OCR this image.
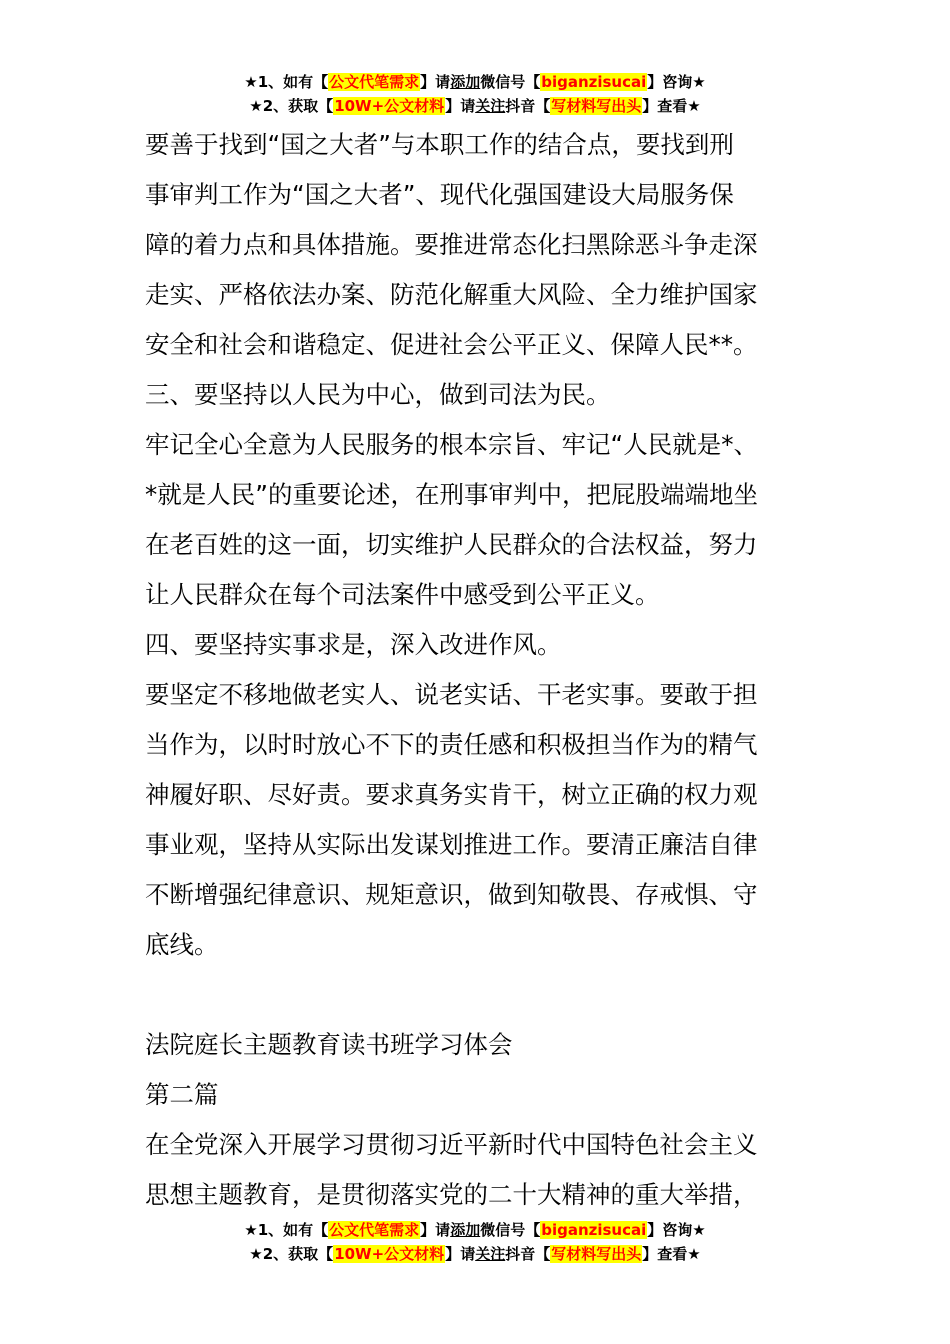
★1、如有【公文代笔需求】请添加微信号【biganzisucai】咨询★
★2、获取【10W+公文材料】请关注抖音【写材料写出头】查看★

要善于找到“国之大者”与本职工作的结合点，要找到刑

事审判工作为“国之大者”、现代化强国建设大局服务保

障的着力点和具体措施。要推进常态化扫黑除恶斗争走深

走实、严格依法办案、防范化解重大风险、全力维护国家

安全和社会和谐稳定、促进社会公平正义、保障人民**。

三、要坚持以人民为中心，做到司法为民。

牢记全心全意为人民服务的根本宗旨、牢记“人民就是*、

*就是人民”的重要论述，在刑事审判中，把屁股端端地坐

在老百姓的这一面，切实维护人民群众的合法权益，努力

让人民群众在每个司法案件中感受到公平正义。

四、要坚持实事求是，深入改进作风。

要坚定不移地做老实人、说老实话、干老实事。要敢于担

当作为，以时时放心不下的责任感和积极担当作为的精气

神履好职、尽好责。要求真务实肯干，树立正确的权力观

事业观，坚持从实际出发谋划推进工作。要清正廉洁自律

不断增强纪律意识、规矩意识，做到知敬畏、存戒惧、守

底线。

法院庭长主题教育读书班学习体会

第二篇

在全党深入开展学习贯彻习近平新时代中国特色社会主义

思想主题教育，是贯彻落实党的二十大精神的重大举措，

★1、如有【公文代笔需求】请添加微信号【biganzisucai】咨询★
★2、获取【10W+公文材料】请关注抖音【写材料写出头】查看★
